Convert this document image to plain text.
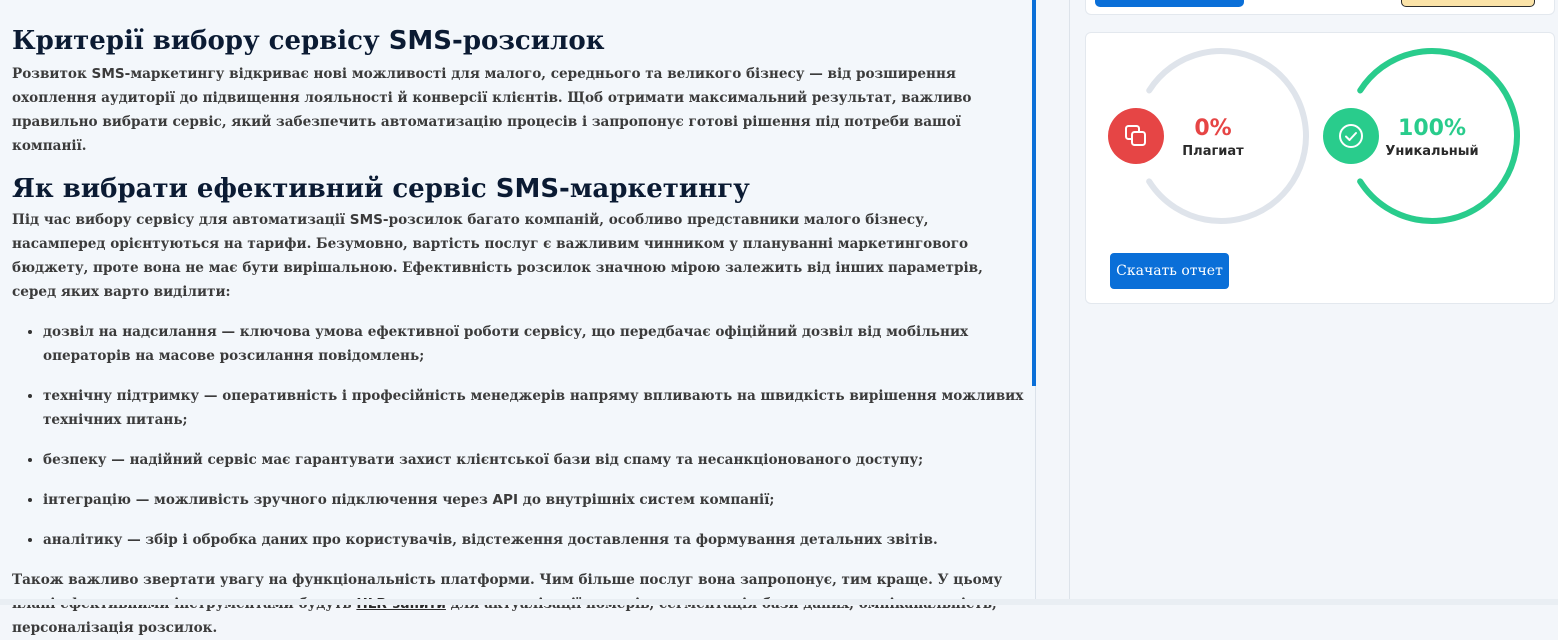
Критерії вибору сервісу SMS-розсилок

Розвиток SMS-маркетингу відкриває нові можливості для малого, середнього та великого бізнесу — від розширення охоплення аудиторії до підвищення лояльності й конверсії клієнтів. Щоб отримати максимальний результат, важливо правильно вибрати сервіс, який забезпечить автоматизацію процесів і запропонує готові рішення під потреби вашої компанії.

Як вибрати ефективний сервіс SMS-маркетингу

Під час вибору сервісу для автоматизації SMS-розсилок багато компаній, особливо представники малого бізнесу, насамперед орієнтуються на тарифи. Безумовно, вартість послуг є важливим чинником у плануванні маркетингового бюджету, проте вона не має бути вирішальною. Ефективність розсилок значною мірою залежить від інших параметрів, серед яких варто виділити:

• дозвіл на надсилання — ключова умова ефективної роботи сервісу, що передбачає офіційний дозвіл від мобільних операторів на масове розсилання повідомлень;
• технічну підтримку — оперативність і професійність менеджерів напряму впливають на швидкість вирішення можливих технічних питань;
• безпеку — надійний сервіс має гарантувати захист клієнтської бази від спаму та несанкціонованого доступу;
• інтеграцію — можливість зручного підключення через API до внутрішніх систем компанії;
• аналітику — збір і обробка даних про користувачів, відстеження доставлення та формування детальних звітів.

Також важливо звертати увагу на функціональність платформи. Чим більше послуг вона запропонує, тим краще. У цьому персоналізація розсилок.

0%
Плагиат
100%
Уникальный
Скачать отчет
